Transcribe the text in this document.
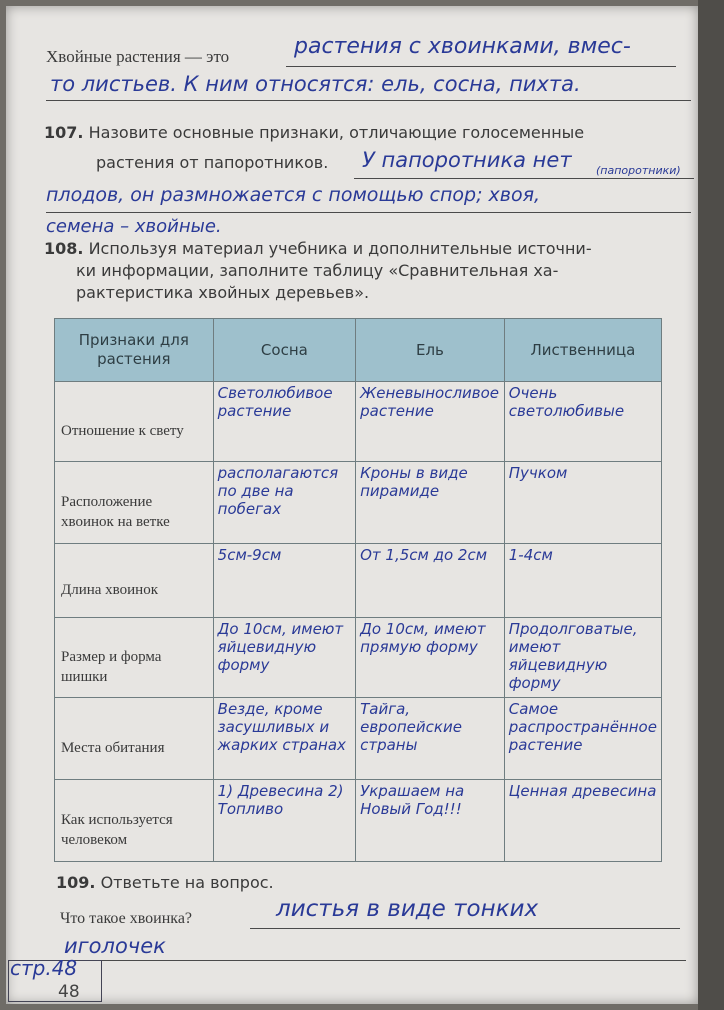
Хвойные растения — это	растения с хвоинками, вмес-
то листьев. К ним относятся: ель, сосна, пихта.
107. Назовите основные признаки, отличающие голосеменные
растения от папоротников. У папоротника нет (папоротники)
плодов, он размножается с помощью спор; хвоя,
семена – хвойные.
108. Используя материал учебника и дополнительные источни-
ки информации, заполните таблицу «Сравнительная ха-
рактеристика хвойных деревьев».
Признаки для растения	Сосна	Ель	Лиственница
Отношение к свету	Светолюбивое растение	Женевыносливое растение	Очень светолюбивые
Расположение хвоинок на ветке	располагаются по две на побегах	Кроны в виде пирамиде	Пучком
Длина хвоинок	5см-9см	От 1,5см до 2см	1-4см
Размер и форма шишки	До 10см, имеют яйцевидную форму	До 10см, имеют прямую форму	Продолговатые, имеют яйцевидную форму
Места обитания	Везде, кроме засушливых и жарких странах	Тайга, европейские страны	Самое распространённое растение
Как используется человеком	1) Древесина 2) Топливо	Украшаем на Новый Год!!!	Ценная древесина
109. Ответьте на вопрос.
Что такое хвоинка?	листья в виде тонких
иголочек
стр.48
48
